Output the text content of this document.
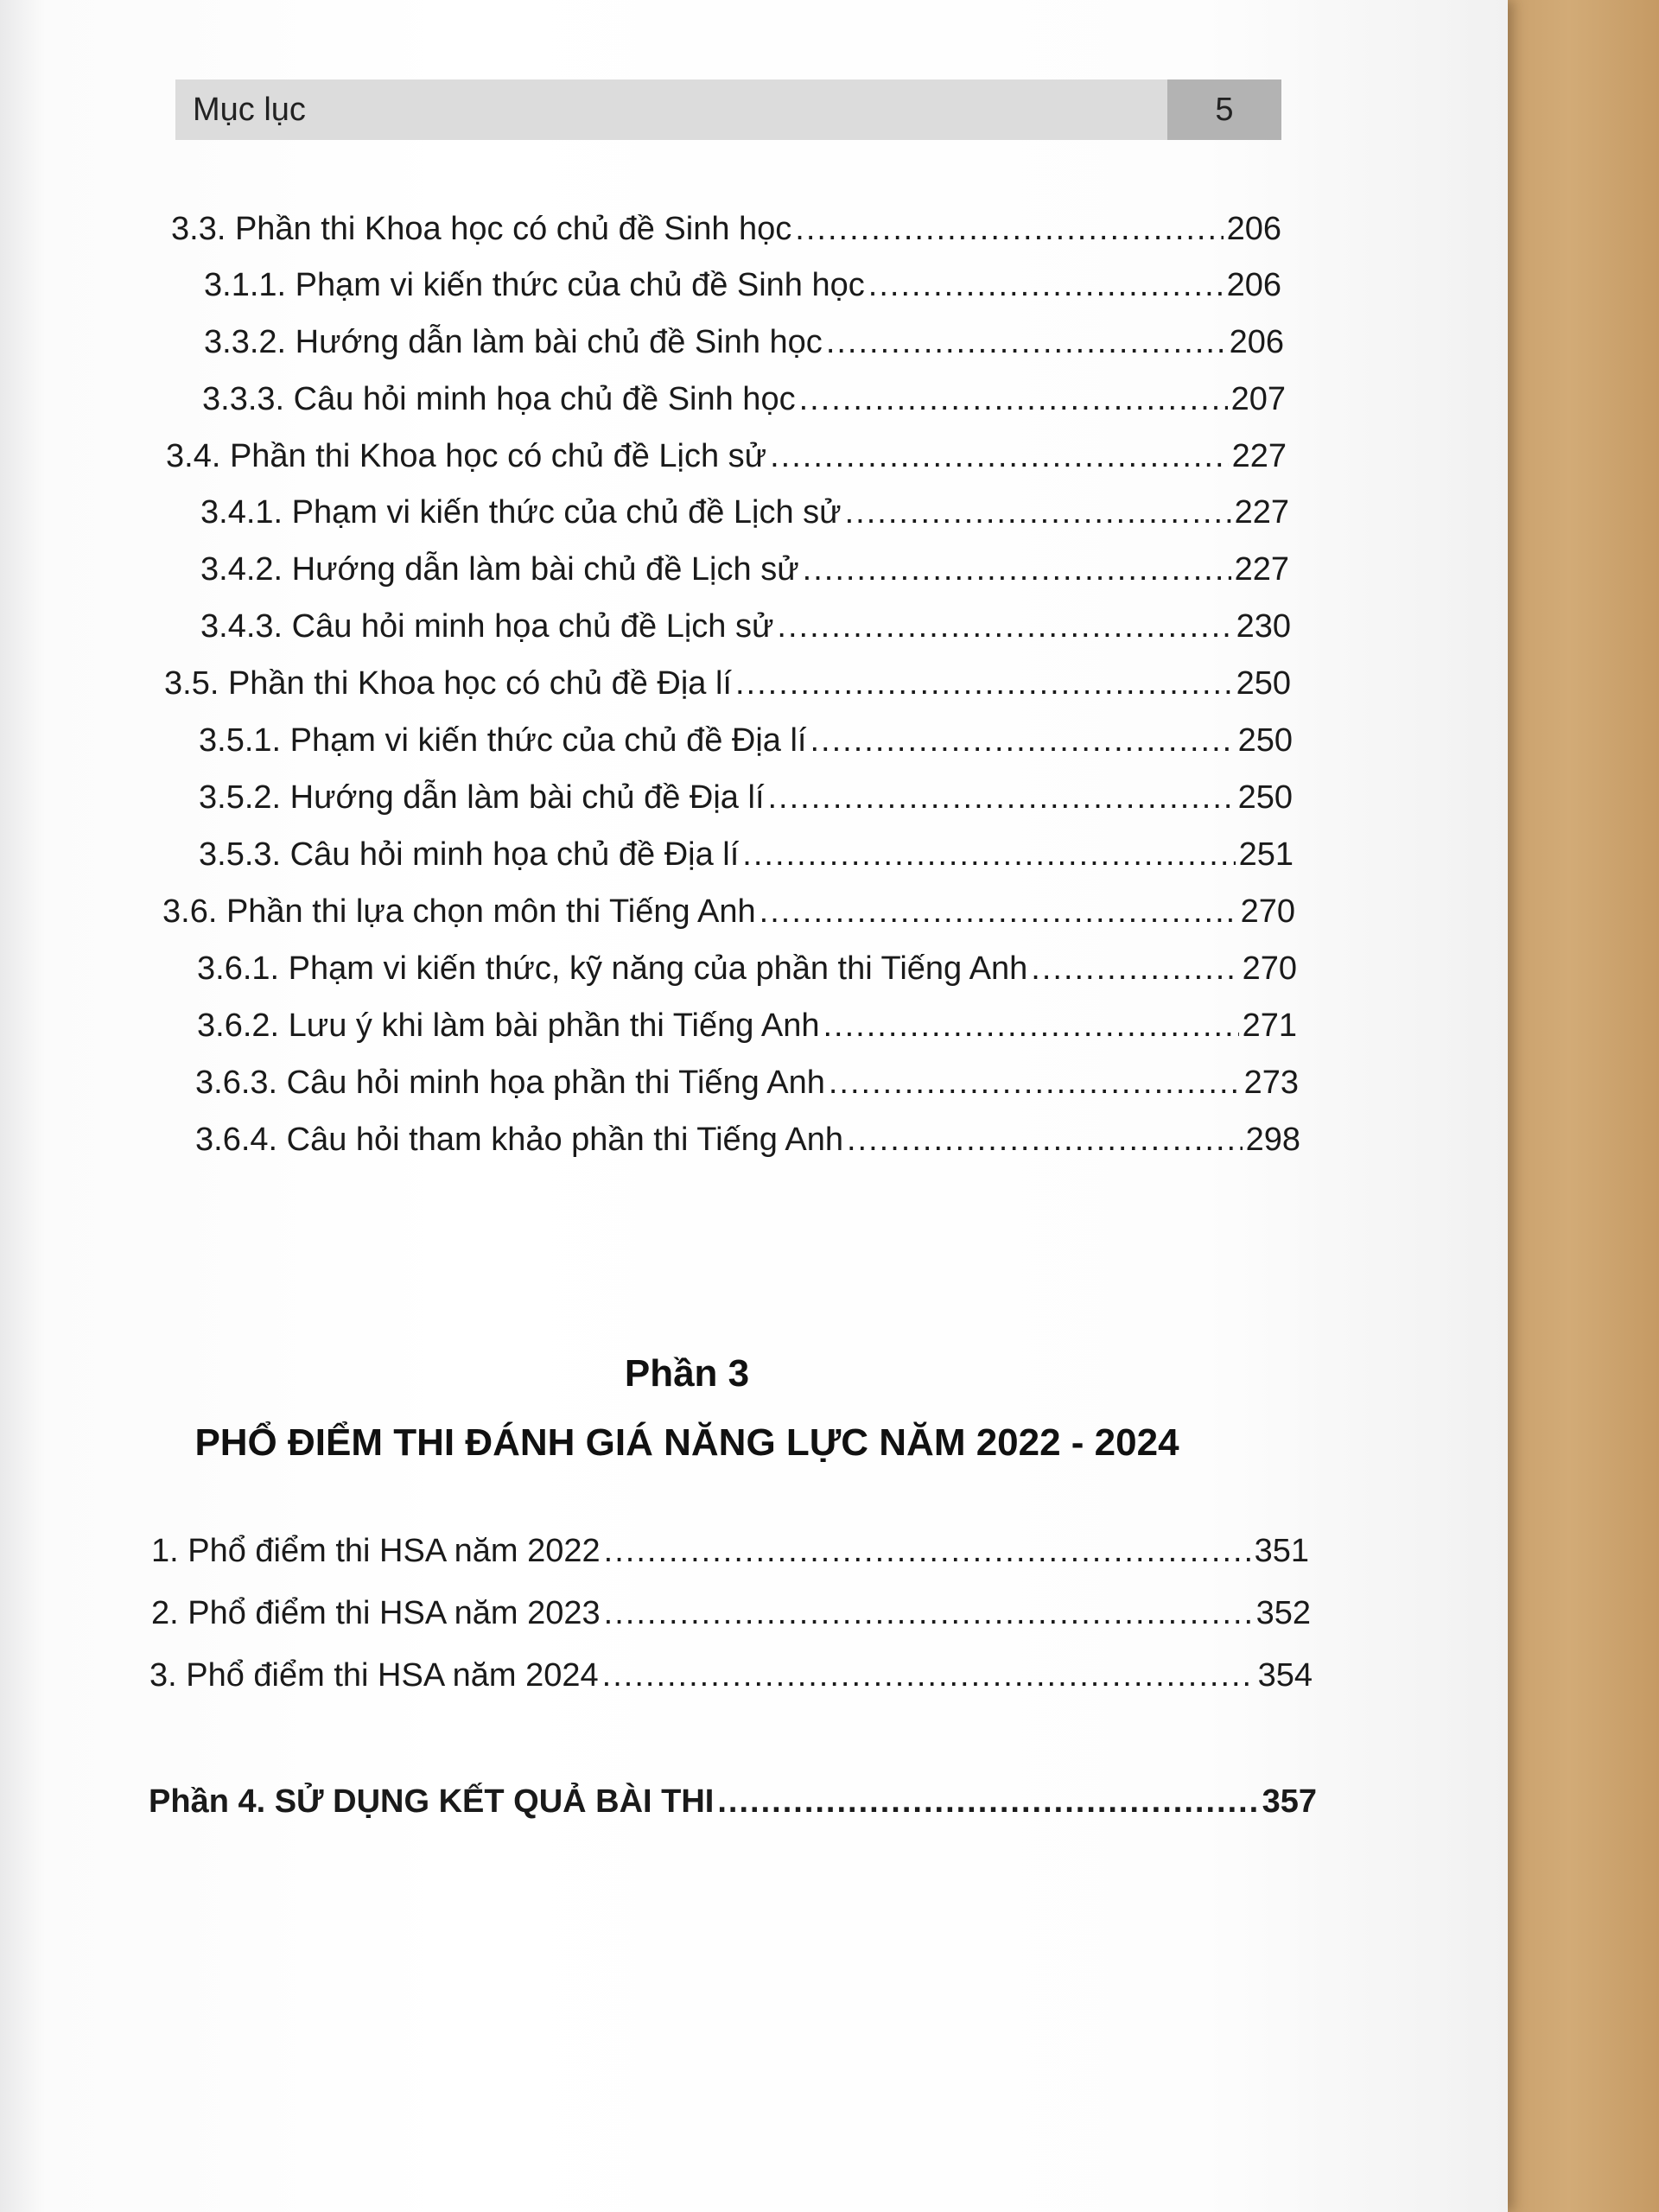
Mục lục	5
3.3. Phần thi Khoa học có chủ đề Sinh học .....	206
3.1.1. Phạm vi kiến thức của chủ đề Sinh học .....	206
3.3.2. Hướng dẫn làm bài chủ đề Sinh học .....	206
3.3.3. Câu hỏi minh họa chủ đề Sinh học .....	207
3.4. Phần thi Khoa học có chủ đề Lịch sử .....	227
3.4.1. Phạm vi kiến thức của chủ đề Lịch sử .....	227
3.4.2. Hướng dẫn làm bài chủ đề Lịch sử .....	227
3.4.3. Câu hỏi minh họa chủ đề Lịch sử .....	230
3.5. Phần thi Khoa học có chủ đề Địa lí .....	250
3.5.1. Phạm vi kiến thức của chủ đề Địa lí .....	250
3.5.2. Hướng dẫn làm bài chủ đề Địa lí .....	250
3.5.3. Câu hỏi minh họa chủ đề Địa lí .....	251
3.6. Phần thi lựa chọn môn thi Tiếng Anh .....	270
3.6.1. Phạm vi kiến thức, kỹ năng của phần thi Tiếng Anh .....	270
3.6.2. Lưu ý khi làm bài phần thi Tiếng Anh .....	271
3.6.3. Câu hỏi minh họa phần thi Tiếng Anh .....	273
3.6.4. Câu hỏi tham khảo phần thi Tiếng Anh .....	298
Phần 3
PHỔ ĐIỂM THI ĐÁNH GIÁ NĂNG LỰC NĂM 2022 - 2024
1. Phổ điểm thi HSA năm 2022 .....	351
2. Phổ điểm thi HSA năm 2023 .....	352
3. Phổ điểm thi HSA năm 2024 .....	354
Phần 4. SỬ DỤNG KẾT QUẢ BÀI THI .....	357
